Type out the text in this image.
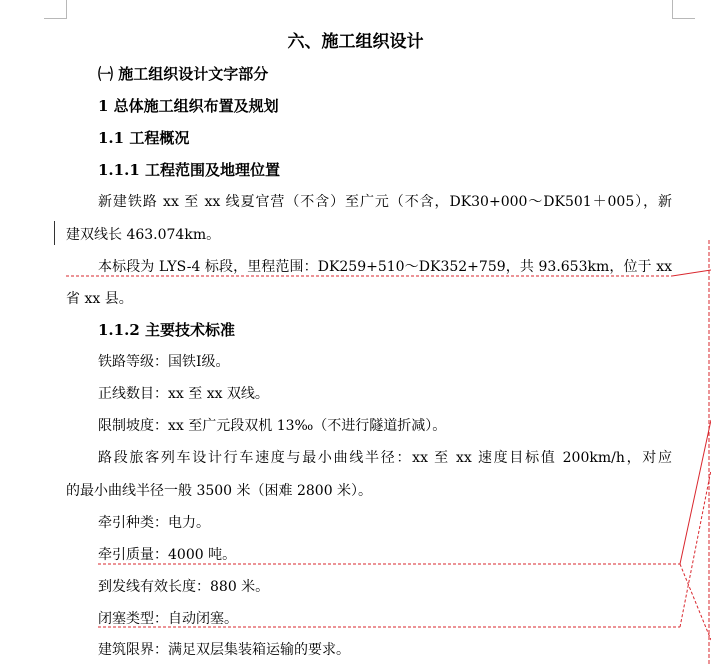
六、施工组织设计
㈠ 施工组织设计文字部分
1 总体施工组织布置及规划
1.1 工程概况
1.1.1 工程范围及地理位置
新建铁路 xx 至 xx 线夏官营（不含）至广元（不含，DK30+000～DK501＋005），新
建双线长 463.074km。
本标段为 LYS-4 标段，里程范围：DK259+510～DK352+759，共 93.653km，位于 xx
省 xx 县。
1.1.2 主要技术标准
铁路等级：国铁Ⅰ级。
正线数目：xx 至 xx 双线。
限制坡度：xx 至广元段双机 13‰（不进行隧道折减）。
路段旅客列车设计行车速度与最小曲线半径：xx 至 xx 速度目标值 200km/h，对应
的最小曲线半径一般 3500 米（困难 2800 米）。
牵引种类：电力。
牵引质量：4000 吨。
到发线有效长度：880 米。
闭塞类型：自动闭塞。
建筑限界：满足双层集装箱运输的要求。
